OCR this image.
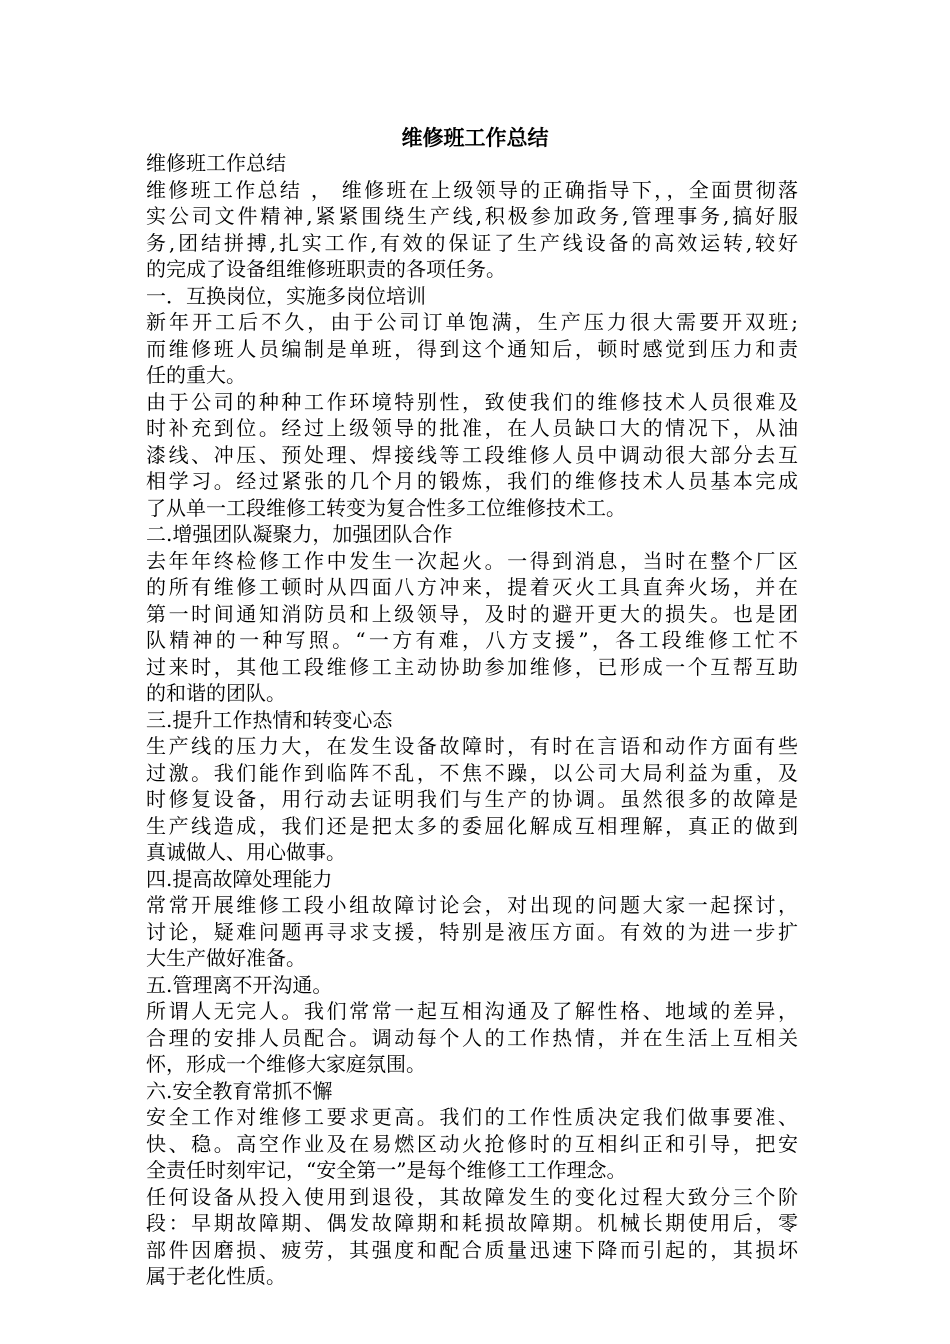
维修班工作总结
维修班工作总结
维修班工作总结 ， 维修班在上级领导的正确指导下，，全面贯彻落
实公司文件精神,紧紧围绕生产线,积极参加政务,管理事务,搞好服
务,团结拼搏,扎实工作,有效的保证了生产线设备的高效运转,较好
的完成了设备组维修班职责的各项任务。
一．互换岗位，实施多岗位培训
新年开工后不久，由于公司订单饱满，生产压力很大需要开双班;
而维修班人员编制是单班，得到这个通知后，顿时感觉到压力和责
任的重大。
由于公司的种种工作环境特别性，致使我们的维修技术人员很难及
时补充到位。经过上级领导的批准，在人员缺口大的情况下，从油
漆线、冲压、预处理、焊接线等工段维修人员中调动很大部分去互
相学习。经过紧张的几个月的锻炼，我们的维修技术人员基本完成
了从单一工段维修工转变为复合性多工位维修技术工。
二.增强团队凝聚力，加强团队合作
去年年终检修工作中发生一次起火。一得到消息，当时在整个厂区
的所有维修工顿时从四面八方冲来，提着灭火工具直奔火场，并在
第一时间通知消防员和上级领导，及时的避开更大的损失。也是团
队精神的一种写照。“一方有难，八方支援”，各工段维修工忙不
过来时，其他工段维修工主动协助参加维修，已形成一个互帮互助
的和谐的团队。
三.提升工作热情和转变心态
生产线的压力大，在发生设备故障时，有时在言语和动作方面有些
过激。我们能作到临阵不乱，不焦不躁，以公司大局利益为重，及
时修复设备，用行动去证明我们与生产的协调。虽然很多的故障是
生产线造成，我们还是把太多的委屈化解成互相理解，真正的做到
真诚做人、用心做事。
四.提高故障处理能力
常常开展维修工段小组故障讨论会，对出现的问题大家一起探讨，
讨论，疑难问题再寻求支援，特别是液压方面。有效的为进一步扩
大生产做好准备。
五.管理离不开沟通。
所谓人无完人。我们常常一起互相沟通及了解性格、地域的差异，
合理的安排人员配合。调动每个人的工作热情，并在生活上互相关
怀，形成一个维修大家庭氛围。
六.安全教育常抓不懈
安全工作对维修工要求更高。我们的工作性质决定我们做事要准、
快、稳。高空作业及在易燃区动火抢修时的互相纠正和引导，把安
全责任时刻牢记，“安全第一”是每个维修工工作理念。
任何设备从投入使用到退役，其故障发生的变化过程大致分三个阶
段：早期故障期、偶发故障期和耗损故障期。机械长期使用后，零
部件因磨损、疲劳，其强度和配合质量迅速下降而引起的，其损坏
属于老化性质。
